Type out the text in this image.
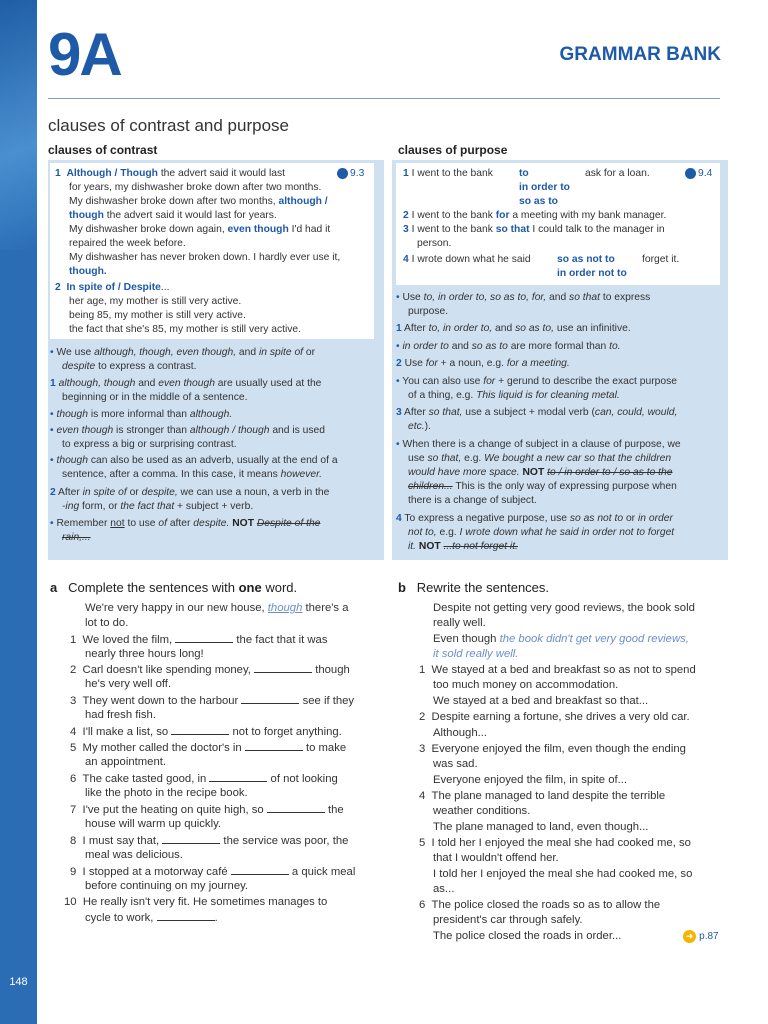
148
9A	GRAMMAR BANK
clauses of contrast and purpose
clauses of contrast	clauses of purpose
1  Although / Though the advert said it would last	9.3
for years, my dishwasher broke down after two months.
My dishwasher broke down after two months, although /
though the advert said it would last for years.
My dishwasher broke down again, even though I'd had it
repaired the week before.
My dishwasher has never broken down. I hardly ever use it,
though.
2  In spite of / Despite...
her age, my mother is still very active.
being 85, my mother is still very active.
the fact that she's 85, my mother is still very active.
• We use although, though, even though, and in spite of or
despite to express a contrast.
1 although, though and even though are usually used at the
beginning or in the middle of a sentence.
• though is more informal than although.
• even though is stronger than although / though and is used
to express a big or surprising contrast.
• though can also be used as an adverb, usually at the end of a
sentence, after a comma. In this case, it means however.
2 After in spite of or despite, we can use a noun, a verb in the
-ing form, or the fact that + subject + verb.
• Remember not to use of after despite. NOT Despite of the
rain,...
1 I went to the bank	to	ask for a loan.	9.4
in order to
so as to
2 I went to the bank for a meeting with my bank manager.
3 I went to the bank so that I could talk to the manager in
person.
4 I wrote down what he said	so as not to	forget it.
in order not to
• Use to, in order to, so as to, for, and so that to express
purpose.
1 After to, in order to, and so as to, use an infinitive.
• in order to and so as to are more formal than to.
2 Use for + a noun, e.g. for a meeting.
• You can also use for + gerund to describe the exact purpose
of a thing, e.g. This liquid is for cleaning metal.
3 After so that, use a subject + modal verb (can, could, would,
etc.).
• When there is a change of subject in a clause of purpose, we
use so that, e.g. We bought a new car so that the children
would have more space. NOT to / in order to / so as to the
children... This is the only way of expressing purpose when
there is a change of subject.
4 To express a negative purpose, use so as not to or in order
not to, e.g. I wrote down what he said in order not to forget
it. NOT ...to not forget it.
a   Complete the sentences with one word.
We're very happy in our new house, though there's a
lot to do.
1  We loved the film,	the fact that it was
nearly three hours long!
2  Carl doesn't like spending money,	though
he's very well off.
3  They went down to the harbour	see if they
had fresh fish.
4  I'll make a list, so	not to forget anything.
5  My mother called the doctor's in	to make
an appointment.
6  The cake tasted good, in	of not looking
like the photo in the recipe book.
7  I've put the heating on quite high, so	the
house will warm up quickly.
8  I must say that,	the service was poor, the
meal was delicious.
9  I stopped at a motorway café	a quick meal
before continuing on my journey.
10  He really isn't very fit. He sometimes manages to
cycle to work,	.
b   Rewrite the sentences.
Despite not getting very good reviews, the book sold
really well.
Even though the book didn't get very good reviews,
it sold really well.
1  We stayed at a bed and breakfast so as not to spend
too much money on accommodation.
We stayed at a bed and breakfast so that...
2  Despite earning a fortune, she drives a very old car.
Although...
3  Everyone enjoyed the film, even though the ending
was sad.
Everyone enjoyed the film, in spite of...
4  The plane managed to land despite the terrible
weather conditions.
The plane managed to land, even though...
5  I told her I enjoyed the meal she had cooked me, so
that I wouldn't offend her.
I told her I enjoyed the meal she had cooked me, so
as...
6  The police closed the roads so as to allow the
president's car through safely.
The police closed the roads in order...	➜ p.87
